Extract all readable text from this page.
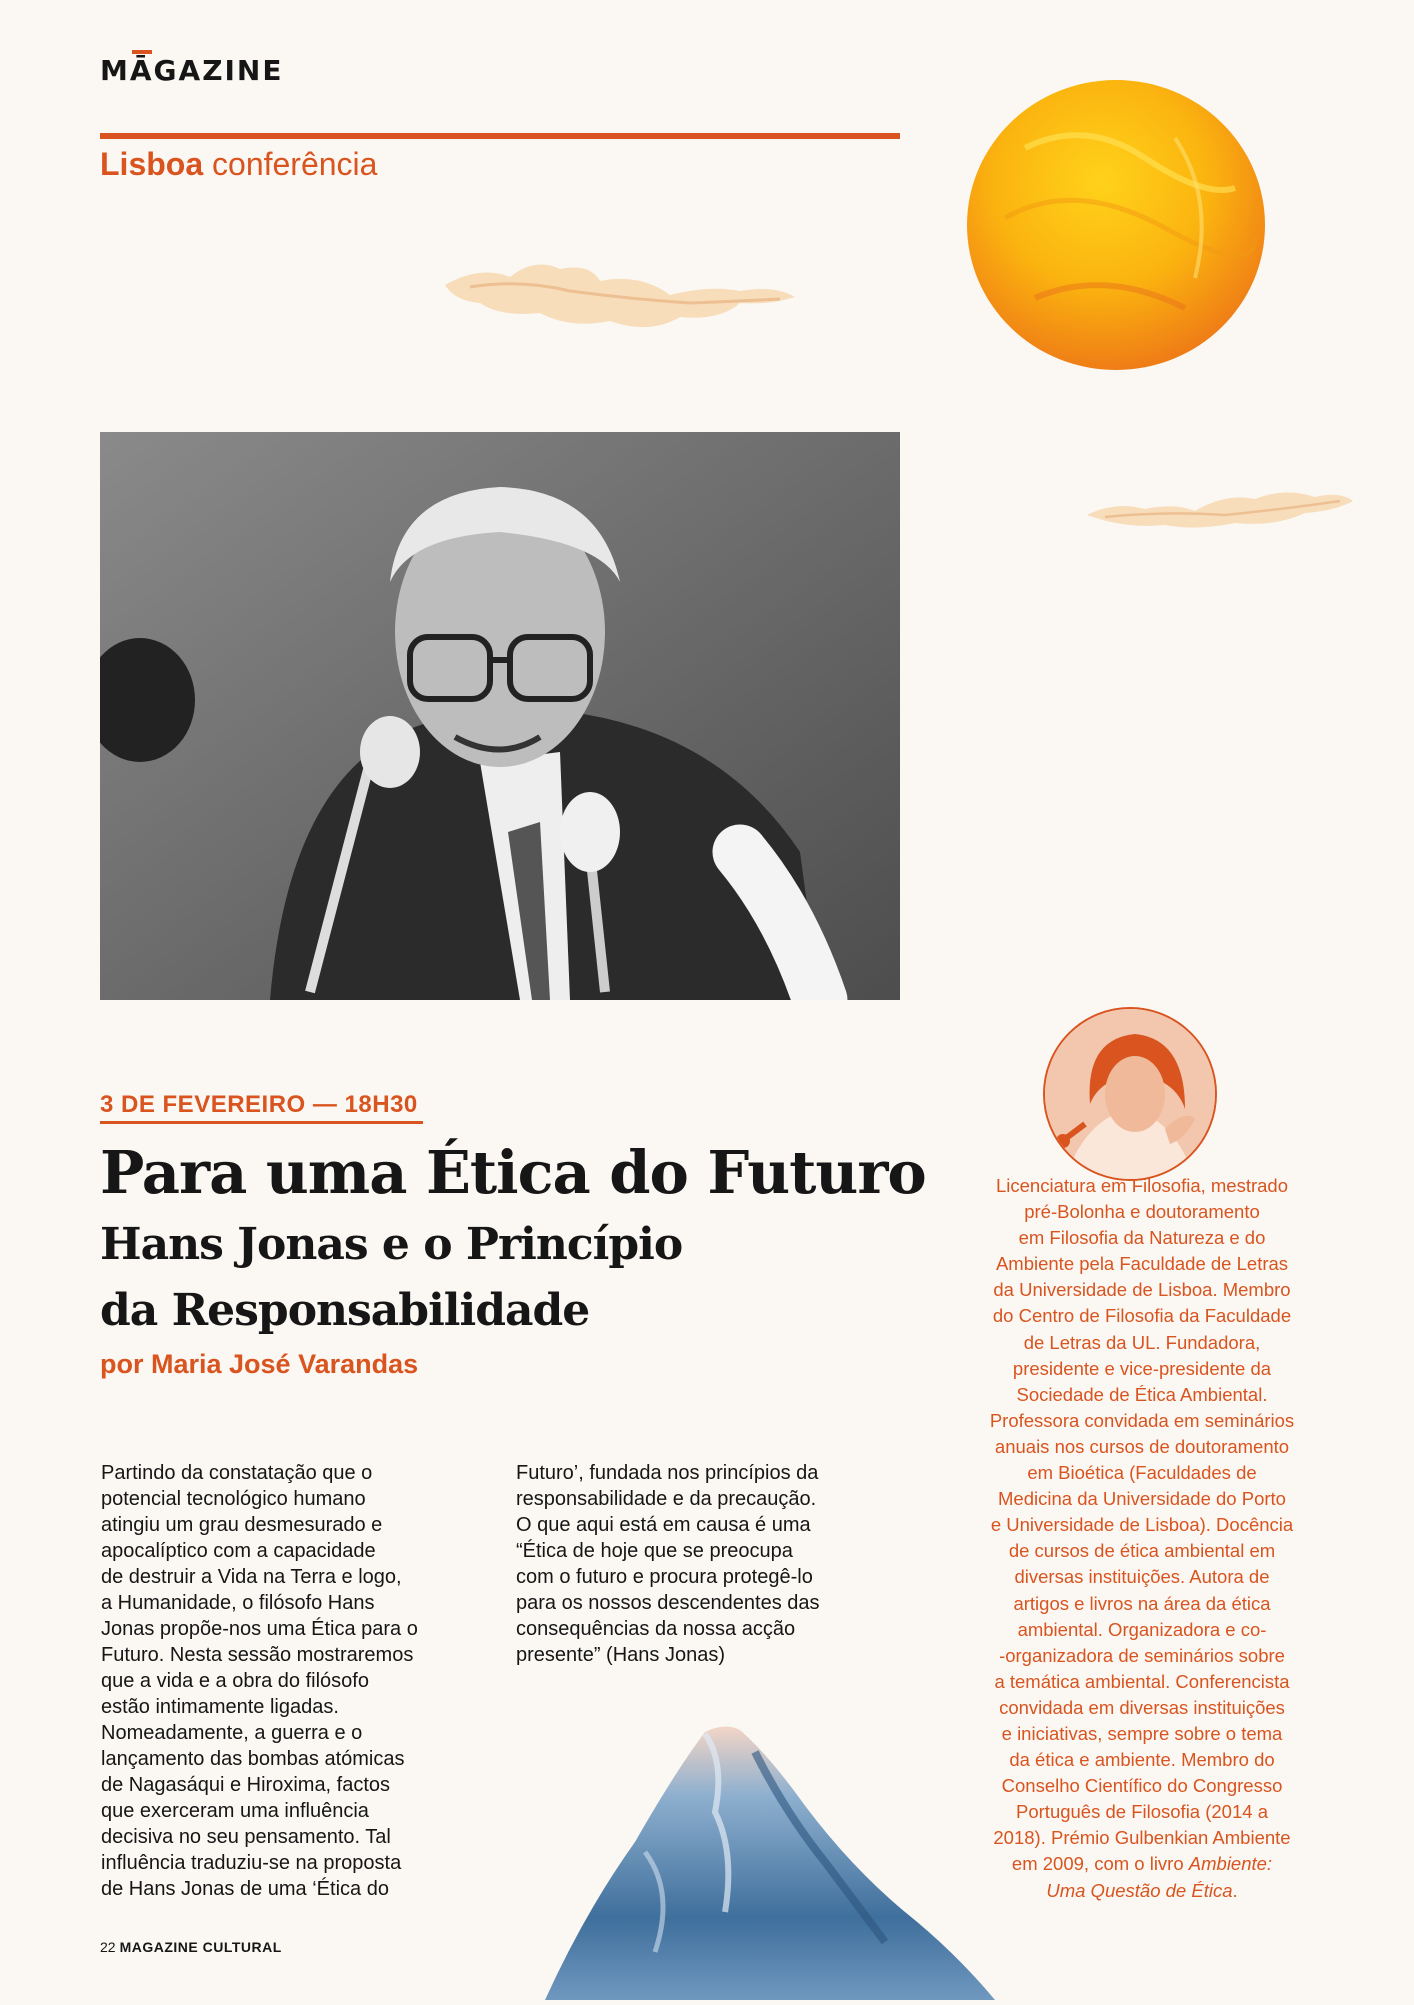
MĀGAZINE
Lisboa conferência
3 DE FEVEREIRO — 18H30
Para uma Ética do Futuro
Hans Jonas e o Princípio
da Responsabilidade
por Maria José Varandas
Partindo da constatação que o
potencial tecnológico humano
atingiu um grau desmesurado e
apocalíptico com a capacidade
de destruir a Vida na Terra e logo,
a Humanidade, o filósofo Hans
Jonas propõe-nos uma Ética para o
Futuro. Nesta sessão mostraremos
que a vida e a obra do filósofo
estão intimamente ligadas.
Nomeadamente, a guerra e o
lançamento das bombas atómicas
de Nagasáqui e Hiroxima, factos
que exerceram uma influência
decisiva no seu pensamento. Tal
influência traduziu-se na proposta
de Hans Jonas de uma ‘Ética do
Futuro’, fundada nos princípios da
responsabilidade e da precaução.
O que aqui está em causa é uma
“Ética de hoje que se preocupa
com o futuro e procura protegê-lo
para os nossos descendentes das
consequências da nossa acção
presente” (Hans Jonas)
Licenciatura em Filosofia, mestrado
pré-Bolonha e doutoramento
em Filosofia da Natureza e do
Ambiente pela Faculdade de Letras
da Universidade de Lisboa. Membro
do Centro de Filosofia da Faculdade
de Letras da UL. Fundadora,
presidente e vice-presidente da
Sociedade de Ética Ambiental.
Professora convidada em seminários
anuais nos cursos de doutoramento
em Bioética (Faculdades de
Medicina da Universidade do Porto
e Universidade de Lisboa). Docência
de cursos de ética ambiental em
diversas instituições. Autora de
artigos e livros na área da ética
ambiental. Organizadora e co-
-organizadora de seminários sobre
a temática ambiental. Conferencista
convidada em diversas instituições
e iniciativas, sempre sobre o tema
da ética e ambiente. Membro do
Conselho Científico do Congresso
Português de Filosofia (2014 a
2018). Prémio Gulbenkian Ambiente
em 2009, com o livro Ambiente:
Uma Questão de Ética.
22 MAGAZINE CULTURAL
